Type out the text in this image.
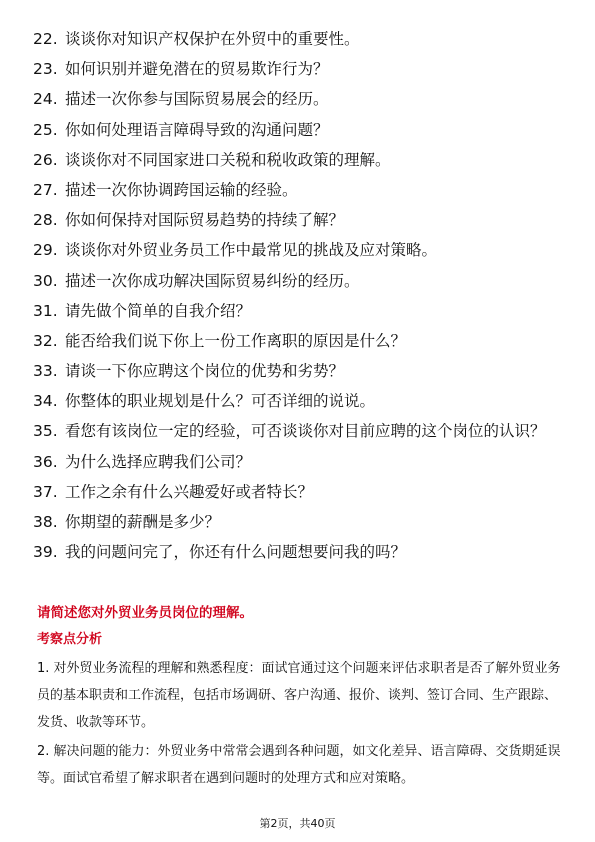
22. 谈谈你对知识产权保护在外贸中的重要性。
23. 如何识别并避免潜在的贸易欺诈行为？
24. 描述一次你参与国际贸易展会的经历。
25. 你如何处理语言障碍导致的沟通问题？
26. 谈谈你对不同国家进口关税和税收政策的理解。
27. 描述一次你协调跨国运输的经验。
28. 你如何保持对国际贸易趋势的持续了解？
29. 谈谈你对外贸业务员工作中最常见的挑战及应对策略。
30. 描述一次你成功解决国际贸易纠纷的经历。
31. 请先做个简单的自我介绍？
32. 能否给我们说下你上一份工作离职的原因是什么？
33. 请谈一下你应聘这个岗位的优势和劣势？
34. 你整体的职业规划是什么？可否详细的说说。
35. 看您有该岗位一定的经验，可否谈谈你对目前应聘的这个岗位的认识？
36. 为什么选择应聘我们公司？
37. 工作之余有什么兴趣爱好或者特长？
38. 你期望的薪酬是多少？
39. 我的问题问完了，你还有什么问题想要问我的吗？
请简述您对外贸业务员岗位的理解。
考察点分析
1. 对外贸业务流程的理解和熟悉程度：面试官通过这个问题来评估求职者是否了解外贸业务员的基本职责和工作流程，包括市场调研、客户沟通、报价、谈判、签订合同、生产跟踪、发货、收款等环节。
2. 解决问题的能力：外贸业务中常常会遇到各种问题，如文化差异、语言障碍、交货期延误等。面试官希望了解求职者在遇到问题时的处理方式和应对策略。
第2页，共40页
